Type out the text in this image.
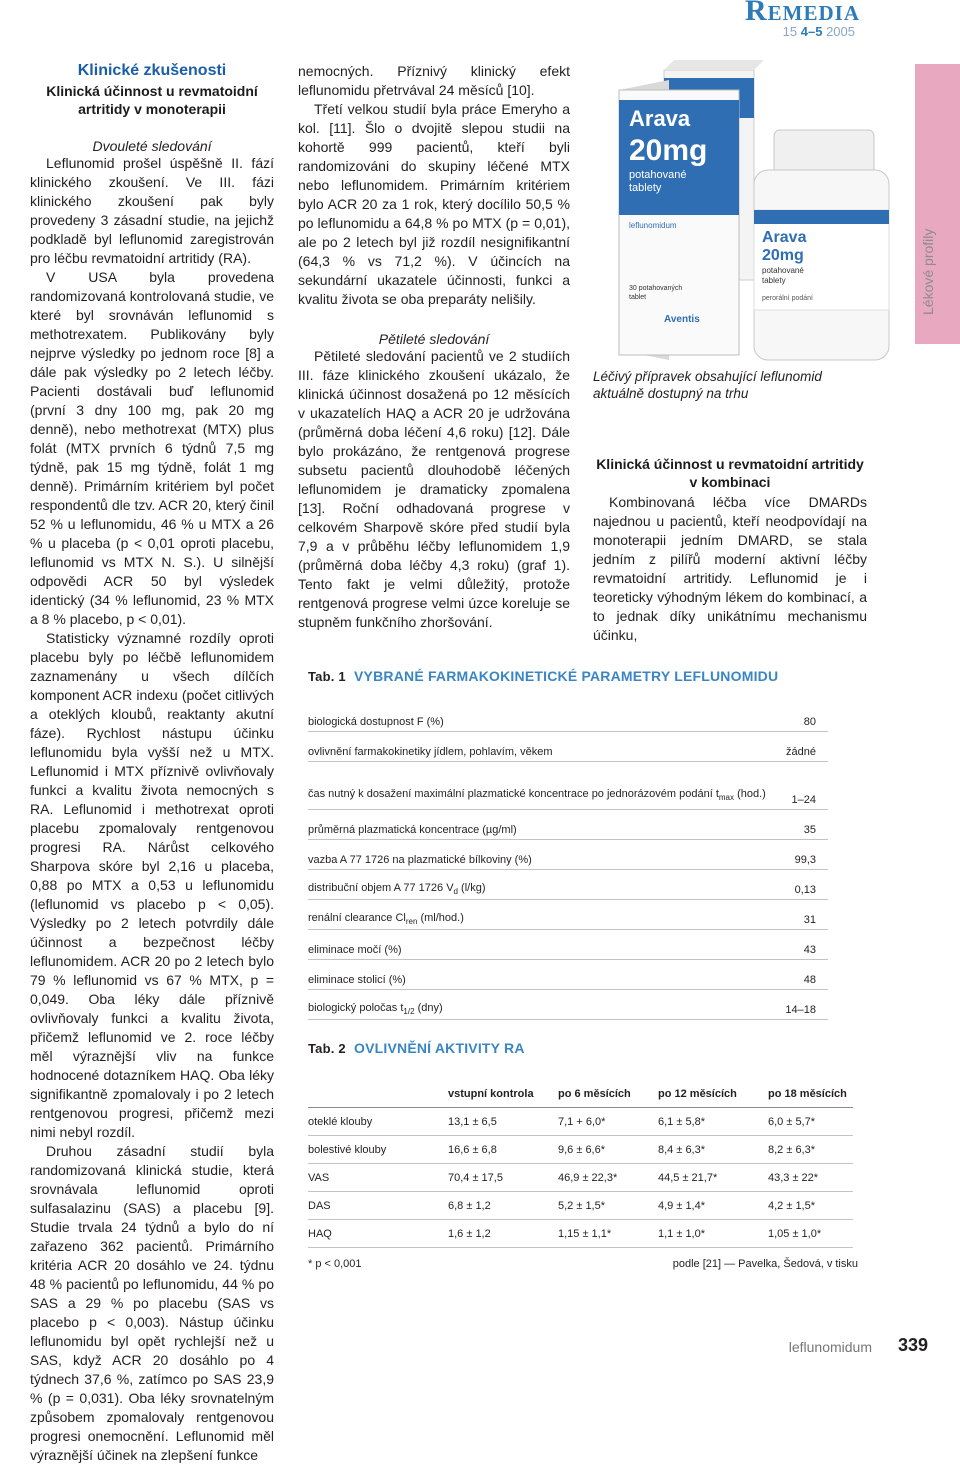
Remedia
15 4–5 2005
Lékové profily
Klinické zkušenosti
Klinická účinnost u revmatoidní artritidy v monoterapii
Dvouleté sledování

Leflunomid prošel úspěšně II. fází klinického zkoušení. Ve III. fázi klinického zkoušení pak byly provedeny 3 zásadní studie, na jejichž podkladě byl leflunomid zaregistrován pro léčbu revmatoidní artritidy (RA).

V USA byla provedena randomizovaná kontrolovaná studie, ve které byl srovnáván leflunomid s methotrexatem. Publikovány byly nejprve výsledky po jednom roce [8] a dále pak výsledky po 2 letech léčby. Pacienti dostávali buď leflunomid (první 3 dny 100 mg, pak 20 mg denně), nebo methotrexat (MTX) plus folát (MTX prvních 6 týdnů 7,5 mg týdně, pak 15 mg týdně, folát 1 mg denně). Primárním kritériem byl počet respondentů dle tzv. ACR 20, který činil 52 % u leflunomidu, 46 % u MTX a 26 % u placeba (p < 0,01 oproti placebu, leflunomid vs MTX N. S.). U silnější odpovědi ACR 50 byl výsledek identický (34 % leflunomid, 23 % MTX a 8 % placebo, p < 0,01).

Statisticky významné rozdíly oproti placebu byly po léčbě leflunomidem zaznamenány u všech dílčích komponent ACR indexu (počet citlivých a oteklých kloubů, reaktanty akutní fáze). Rychlost nástupu účinku leflunomidu byla vyšší než u MTX. Leflunomid i MTX příznivě ovlivňovaly funkci a kvalitu života nemocných s RA. Leflunomid i methotrexat oproti placebu zpomalovaly rentgenovou progresi RA. Nárůst celkového Sharpova skóre byl 2,16 u placeba, 0,88 po MTX a 0,53 u leflunomidu (leflunomid vs placebo p < 0,05). Výsledky po 2 letech potvrdily dále účinnost a bezpečnost léčby leflunomidem. ACR 20 po 2 letech bylo 79 % leflunomid vs 67 % MTX, p = 0,049. Oba léky dále příznivě ovlivňovaly funkci a kvalitu života, přičemž leflunomid ve 2. roce léčby měl výraznější vliv na funkce hodnocené dotazníkem HAQ. Oba léky signifikantně zpomalovaly i po 2 letech rentgenovou progresi, přičemž mezi nimi nebyl rozdíl.

Druhou zásadní studií byla randomizovaná klinická studie, která srovnávala leflunomid oproti sulfasalazinu (SAS) a placebu [9]. Studie trvala 24 týdnů a bylo do ní zařazeno 362 pacientů. Primárního kritéria ACR 20 dosáhlo ve 24. týdnu 48 % pacientů po leflunomidu, 44 % po SAS a 29 % po placebu (SAS vs placebo p < 0,003). Nástup účinku leflunomidu byl opět rychlejší než u SAS, když ACR 20 dosáhlo po 4 týdnech 37,6 %, zatímco po SAS 23,9 % (p = 0,031). Oba léky srovnatelným způsobem zpomalovaly rentgenovou progresi onemocnění. Leflunomid měl výraznější účinek na zlepšení funkce

nemocných. Příznivý klinický efekt leflunomidu přetrvával 24 měsíců [10].

Třetí velkou studií byla práce Emeryho a kol. [11]. Šlo o dvojitě slepou studii na kohortě 999 pacientů, kteří byli randomizováni do skupiny léčené MTX nebo leflunomidem. Primárním kritériem bylo ACR 20 za 1 rok, který docílilo 50,5 % po leflunomidu a 64,8 % po MTX (p = 0,01), ale po 2 letech byl již rozdíl nesignifikantní (64,3 % vs 71,2 %). V účincích na sekundární ukazatele účinnosti, funkci a kvalitu života se oba preparáty nelišily.

Pětileté sledování

Pětileté sledování pacientů ve 2 studiích III. fáze klinického zkoušení ukázalo, že klinická účinnost dosažená po 12 měsících v ukazatelích HAQ a ACR 20 je udržována (průměrná doba léčení 4,6 roku) [12]. Dále bylo prokázáno, že rentgenová progrese subsetu pacientů dlouhodobě léčených leflunomidem je dramaticky zpomalena [13]. Roční odhadovaná progrese v celkovém Sharpově skóre před studií byla 7,9 a v průběhu léčby leflunomidem 1,9 (průměrná doba léčby 4,3 roku) (graf 1). Tento fakt je velmi důležitý, protože rentgenová progrese velmi úzce koreluje se stupněm funkčního zhoršování.

Arava
20mg
potahované
tablety
leflunomidum
30 potahovaných
tablet
Aventis
Arava
20mg
potahované
tablety
perorální podání
Léčivý přípravek obsahující leflunomid aktuálně dostupný na trhu
Klinická účinnost u revmatoidní artritidy v kombinaci

Kombinovaná léčba více DMARDs najednou u pacientů, kteří neodpovídají na monoterapii jedním DMARD, se stala jedním z pilířů moderní aktivní léčby revmatoidní artritidy. Leflunomid je i teoreticky výhodným lékem do kombinací, a to jednak díky unikátnímu mechanismu účinku,

Tab. 1 VYBRANÉ FARMAKOKINETICKÉ PARAMETRY LEFLUNOMIDU
biologická dostupnost F (%)	80
ovlivnění farmakokinetiky jídlem, pohlavím, věkem	žádné
čas nutný k dosažení maximální plazmatické koncentrace po jednorázovém podání $t_{max}$ (hod.)	1–24
průměrná plazmatická koncentrace (µg/ml)	35
vazba A 77 1726 na plazmatické bílkoviny (%)	99,3
distribuční objem A 77 1726 $V_d$ (l/kg)	0,13
renální clearance $Cl_{ren}$ (ml/hod.)	31
eliminace močí (%)	43
eliminace stolicí (%)	48
biologický poločas $t_{1/2}$ (dny)	14–18
Tab. 2 OVLIVNĚNÍ AKTIVITY RA
	vstupní kontrola	po 6 měsících	po 12 měsících	po 18 měsících
oteklé klouby	13,1 ± 6,5	7,1 + 6,0*	6,1 ± 5,8*	6,0 ± 5,7*
bolestivé klouby	16,6 ± 6,8	9,6 ± 6,6*	8,4 ± 6,3*	8,2 ± 6,3*
VAS	70,4 ± 17,5	46,9 ± 22,3*	44,5 ± 21,7*	43,3 ± 22*
DAS	6,8 ± 1,2	5,2 ± 1,5*	4,9 ± 1,4*	4,2 ± 1,5*
HAQ	1,6 ± 1,2	1,15 ± 1,1*	1,1 ± 1,0*	1,05 ± 1,0*
* p < 0,001	podle [21] — Pavelka, Šedová, v tisku
leflunomidum 339
